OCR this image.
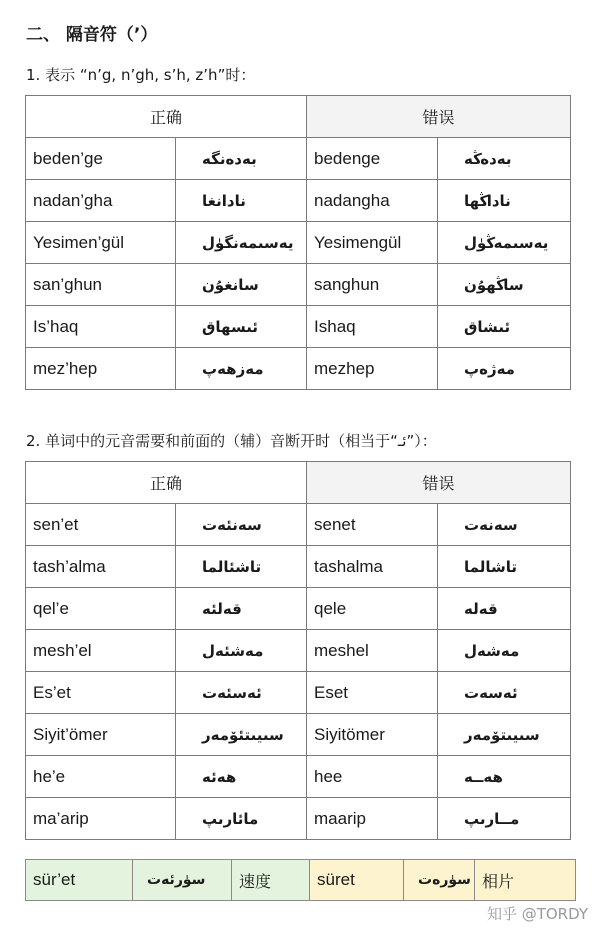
二、 隔音符（’）
1. 表示 “n’g, n’gh, s’h, z’h”时：
正确		错误	
beden’ge	بەدەنگە	bedenge	بەدەڭە
nadan’gha	نادانغا	nadangha	ناداڭھا
Yesimen’gül	يەسىمەنگۈل	Yesimengül	يەسىمەڭۈل
san’ghun	سانغۇن	sanghun	ساڭھۇن
Is’haq	ئىسھاق	Ishaq	ئىشاق
mez’hep	مەزھەپ	mezhep	مەژەپ
2. 单词中的元音需要和前面的（辅）音断开时（相当于“ئـ”）：
正确		错误	
sen’et	سەنئەت	senet	سەنەت
tash’alma	تاشئالما	tashalma	تاشالما
qel’e	قەلئە	qele	قەلە
mesh’el	مەشئەل	meshel	مەشەل
Es’et	ئەسئەت	Eset	ئەسەت
Siyit’ömer	سىيىتئۆمەر	Siyitömer	سىيىتۆمەر
he’e	ھەئە	hee	ھەــە
ma’arip	مائارىپ	maarip	مــارىپ
sür’et	سۈرئەت	速度	süret	سۈرەت	相片
知乎 @TORDY
